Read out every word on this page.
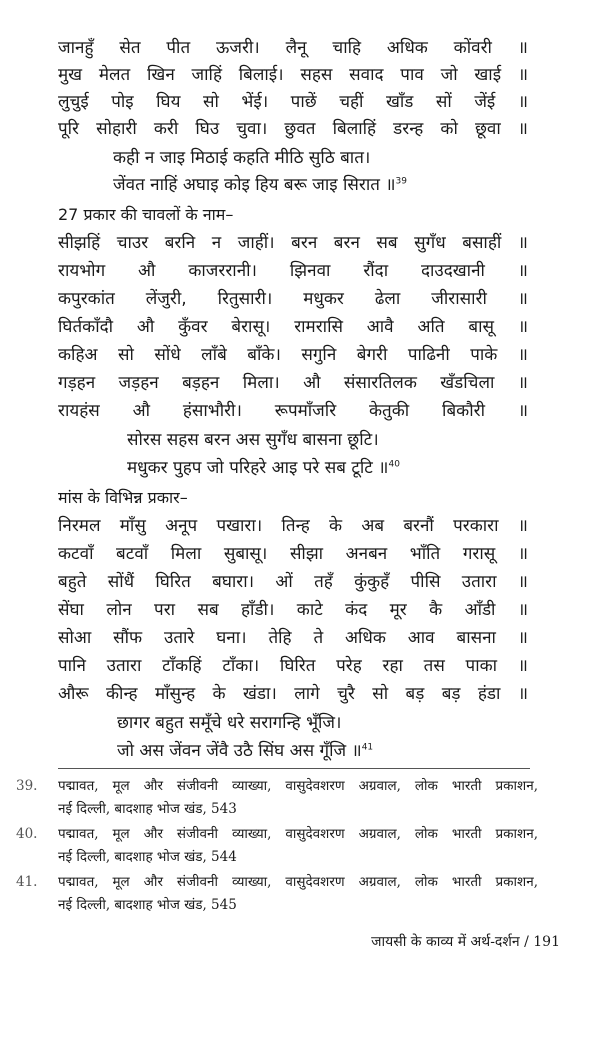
जानहुँ सेत पीत ऊजरी। लैनू चाहि अधिक कोंवरी ॥
मुख मेलत खिन जाहिं बिलाई। सहस सवाद पाव जो खाई ॥
लुचुई पोइ घिय सो भेंई। पाछें चहीं खाँड सों जेंई ॥
पूरि सोहारी करी घिउ चुवा। छुवत बिलाहिं डरन्ह को छूवा ॥
कही न जाइ मिठाई कहति मीठि सुठि बात।
जेंवत नाहिं अघाइ कोइ हिय बरू जाइ सिरात ॥$^{39}$
27 प्रकार की चावलों के नाम–
सीझहिं चाउर बरनि न जाहीं। बरन बरन सब सुगँध बसाहीं ॥
रायभोग औ काजररानी। झिनवा रौंदा दाउदखानी ॥
कपुरकांत लेंजुरी, रितुसारी। मधुकर ढेला जीरासारी ॥
घिर्तकाँदौ औ कुँवर बेरासू। रामरासि आवै अति बासू ॥
कहिअ सो सोंधे लाँबे बाँके। सगुनि बेगरी पाढिनी पाके ॥
गड़हन जड़हन बड़हन मिला। औ संसारतिलक खँडचिला ॥
रायहंस औ हंसाभौरी। रूपमाँजरि केतुकी बिकौरी ॥
सोरस सहस बरन अस सुगँध बासना छूटि।
मधुकर पुहप जो परिहरे आइ परे सब टूटि ॥$^{40}$
मांस के विभिन्न प्रकार–
निरमल माँसु अनूप पखारा। तिन्ह के अब बरनौं परकारा ॥
कटवाँ बटवाँ मिला सुबासू। सीझा अनबन भाँति गरासू ॥
बहुते सोंधैं घिरित बघारा। ओं तहँ कुंकुहँ पीसि उतारा ॥
सेंघा लोन परा सब हाँडी। काटे कंद मूर कै आँडी ॥
सोआ सौंफ उतारे घना। तेहि ते अधिक आव बासना ॥
पानि उतारा टाँकहिं टाँका। घिरित परेह रहा तस पाका ॥
औरू कीन्ह माँसुन्ह के खंडा। लागे चुरै सो बड़ बड़ हंडा ॥
छागर बहुत समूँचे धरे सरागन्हि भूँजि।
जो अस जेंवन जेंवै उठै सिंघ अस गूँजि ॥$^{41}$
39. पद्मावत, मूल और संजीवनी व्याख्या, वासुदेवशरण अग्रवाल, लोक भारती प्रकाशन,
नई दिल्ली, बादशाह भोज खंड, 543
40. पद्मावत, मूल और संजीवनी व्याख्या, वासुदेवशरण अग्रवाल, लोक भारती प्रकाशन,
नई दिल्ली, बादशाह भोज खंड, 544
41. पद्मावत, मूल और संजीवनी व्याख्या, वासुदेवशरण अग्रवाल, लोक भारती प्रकाशन,
नई दिल्ली, बादशाह भोज खंड, 545
जायसी के काव्य में अर्थ-दर्शन / 191
